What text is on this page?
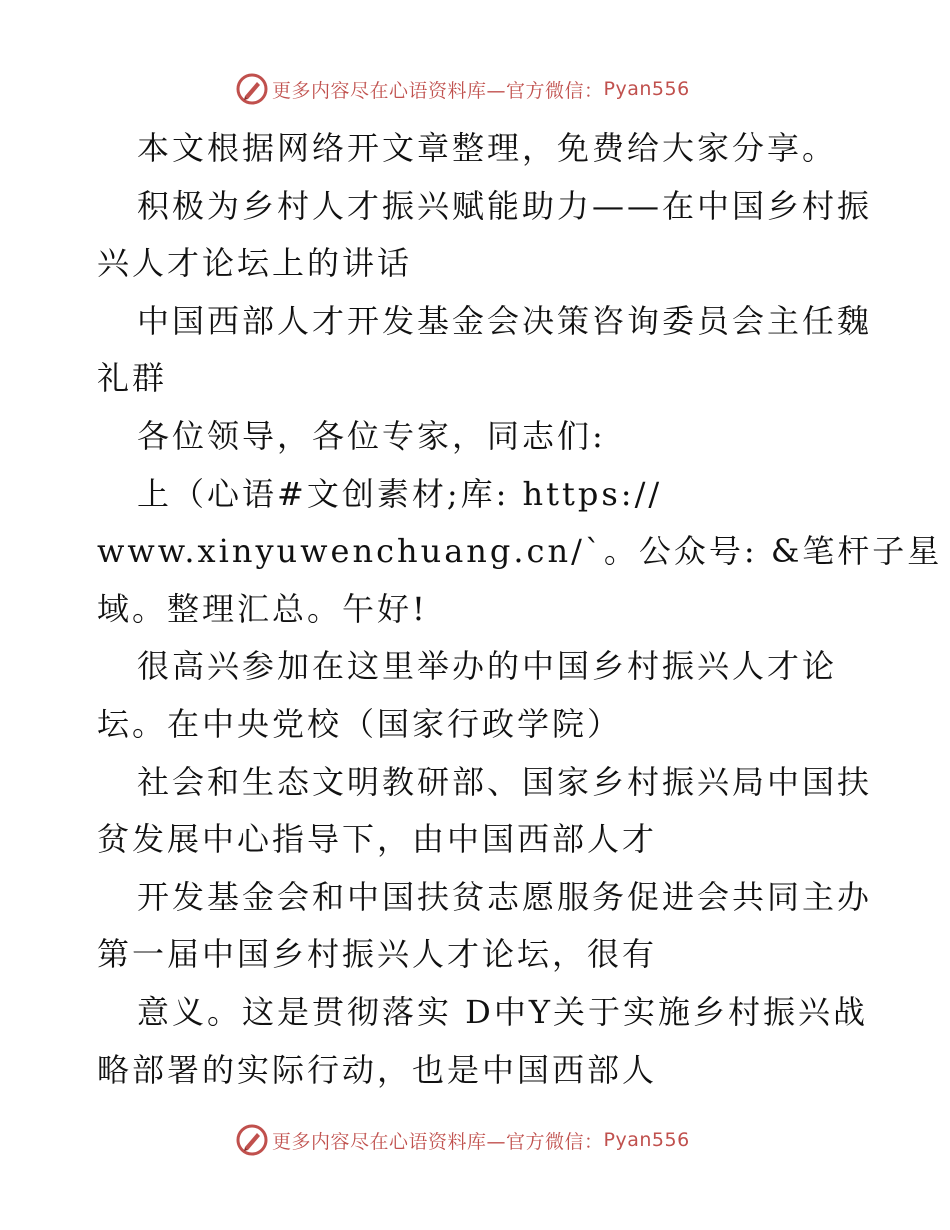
更多内容尽在心语资料库—官方微信： Pyan556
本文根据网络开文章整理，免费给大家分享。
积极为乡村人才振兴赋能助力——在中国乡村振
兴人才论坛上的讲话
中国西部人才开发基金会决策咨询委员会主任魏
礼群
各位领导，各位专家，同志们:
上（心语#文创素材;库: https://
www.xinyuwenchuang.cn/`。公众号: &笔杆子星
域。整理汇总。午好!
很高兴参加在这里举办的中国乡村振兴人才论
坛。在中央党校（国家行政学院）
社会和生态文明教研部、国家乡村振兴局中国扶
贫发展中心指导下，由中国西部人才
开发基金会和中国扶贫志愿服务促进会共同主办
第一届中国乡村振兴人才论坛，很有
意义。这是贯彻落实 D中Y关于实施乡村振兴战
略部署的实际行动，也是中国西部人
更多内容尽在心语资料库—官方微信： Pyan556
